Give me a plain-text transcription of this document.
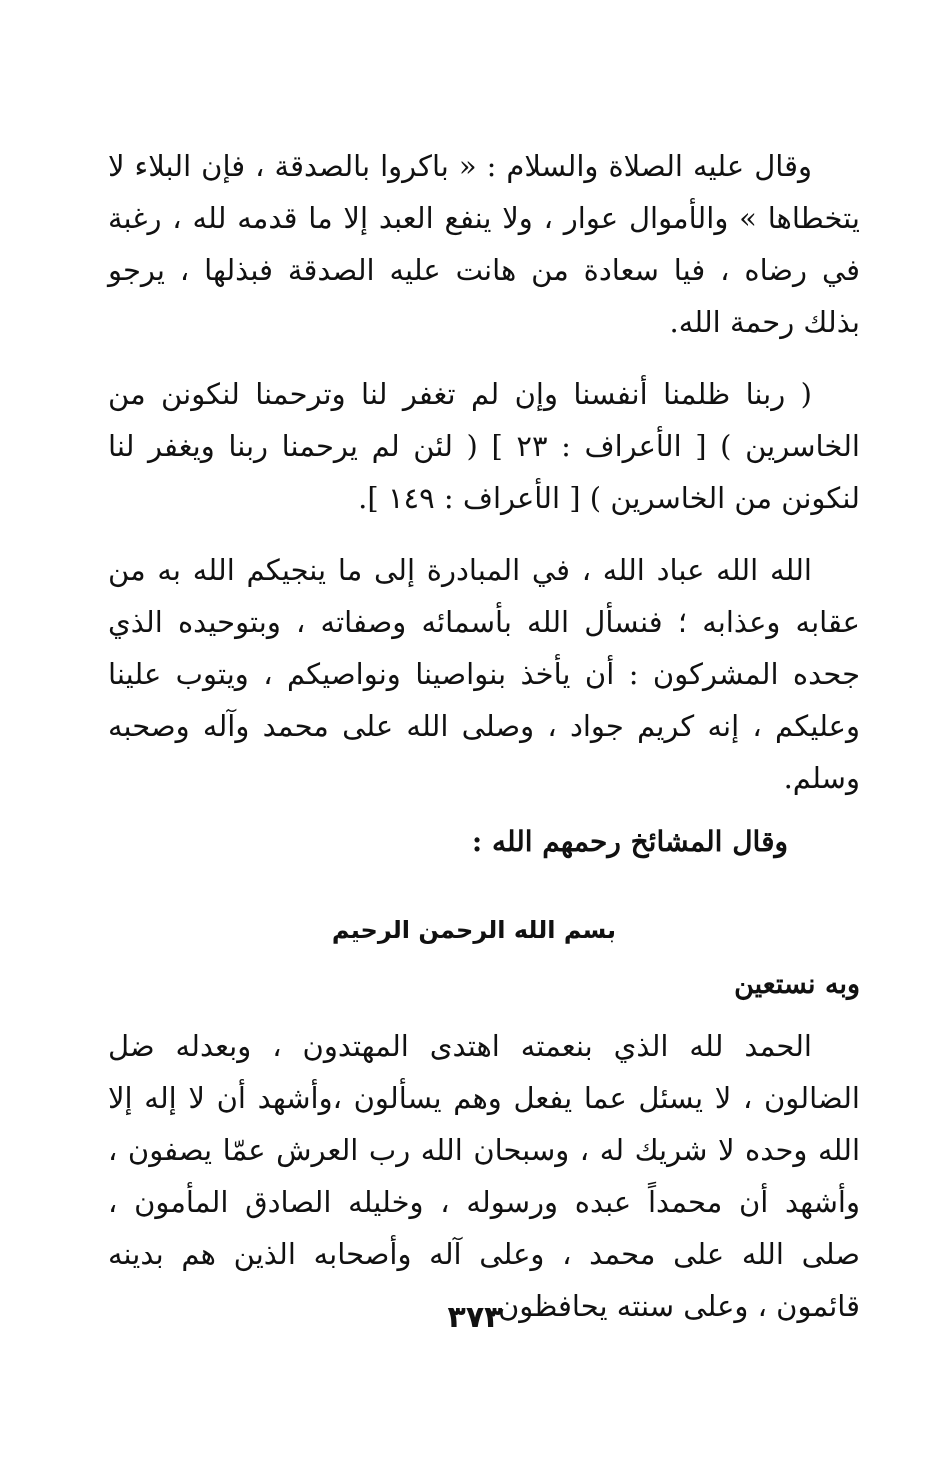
وقال عليه الصلاة والسلام : « باكروا بالصدقة ، فإن البلاء لا يتخطاها » والأموال عوار ، ولا ينفع العبد إلا ما قدمه لله ، رغبة في رضاه ، فيا سعادة من هانت عليه الصدقة فبذلها ، يرجو بذلك رحمة الله.

( ربنا ظلمنا أنفسنا وإن لم تغفر لنا وترحمنا لنكونن من الخاسرين ) [ الأعراف : ٢٣ ] ( لئن لم يرحمنا ربنا ويغفر لنا لنكونن من الخاسرين ) [ الأعراف : ١٤٩ ].

الله الله عباد الله ، في المبادرة إلى ما ينجيكم الله به من عقابه وعذابه ؛ فنسأل الله بأسمائه وصفاته ، وبتوحيده الذي جحده المشركون : أن يأخذ بنواصينا ونواصيكم ، ويتوب علينا وعليكم ، إنه كريم جواد ، وصلى الله على محمد وآله وصحبه وسلم.

وقال المشائخ رحمهم الله :

بسم الله الرحمن الرحيم

وبه نستعين

الحمد لله الذي بنعمته اهتدى المهتدون ، وبعدله ضل الضالون ، لا يسئل عما يفعل وهم يسألون ،وأشهد أن لا إله إلا الله وحده لا شريك له ، وسبحان الله رب العرش عمّا يصفون ، وأشهد أن محمداً عبده ورسوله ، وخليله الصادق المأمون ، صلى الله على محمد ، وعلى آله وأصحابه الذين هم بدينه قائمون ، وعلى سنته يحافظون.

٣٧٣
